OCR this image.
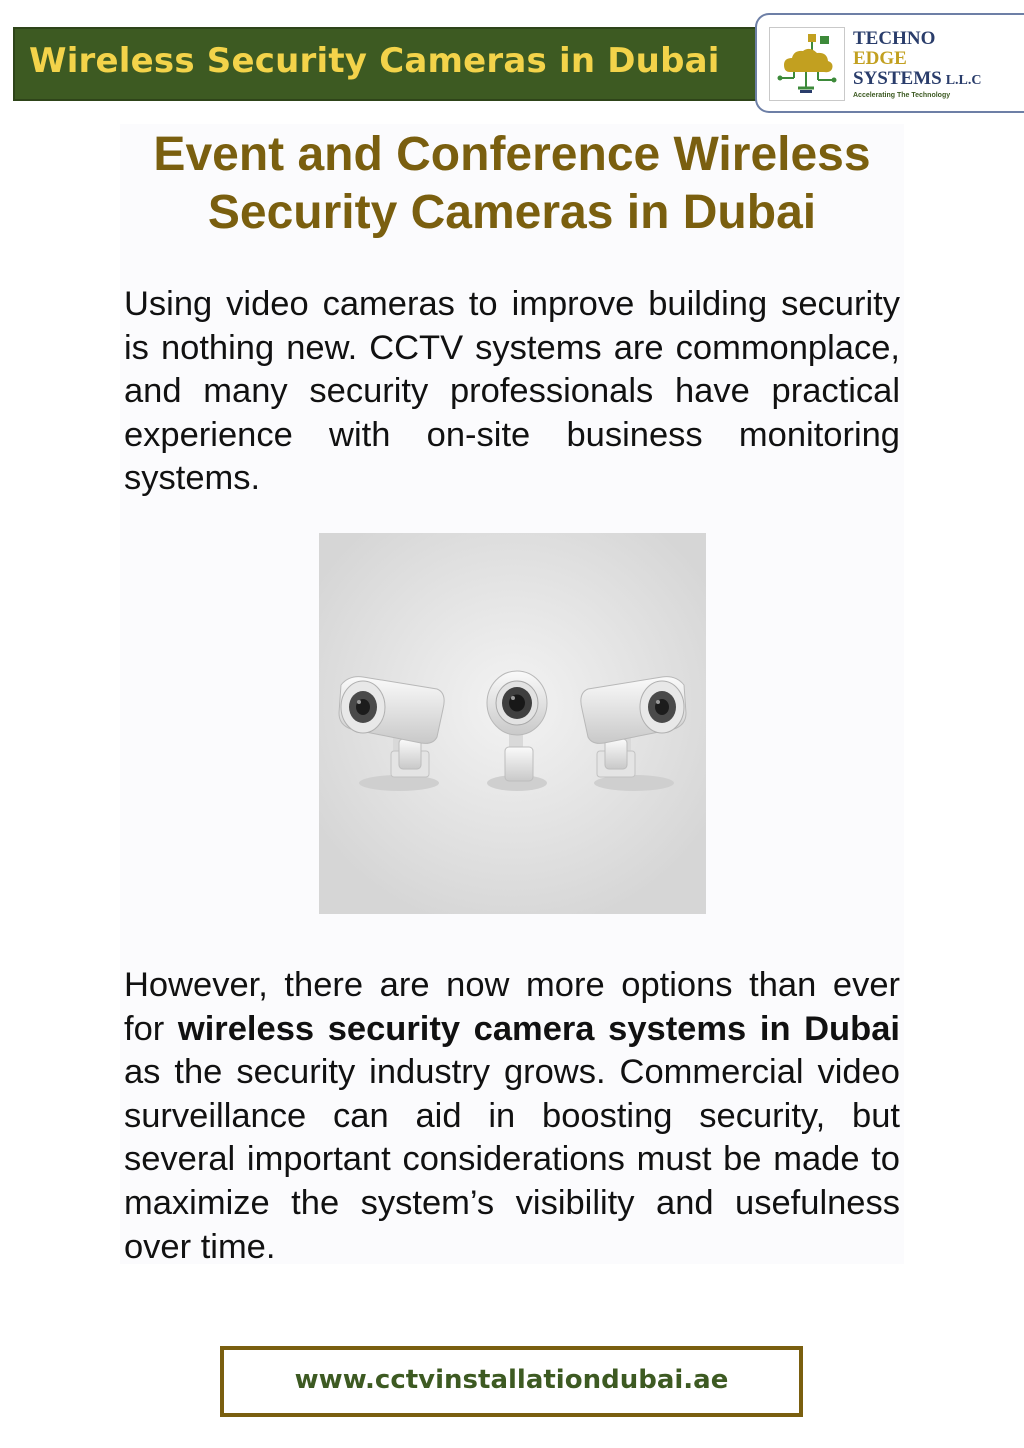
Wireless Security Cameras in Dubai
TECHNO
EDGE
SYSTEMS L.L.C
Accelerating The Technology
Event and Conference Wireless
Security Cameras in Dubai

Using video cameras to improve building security is nothing new. CCTV systems are commonplace, and many security professionals have practical experience with on-site business monitoring systems.

However, there are now more options than ever for wireless security camera systems in Dubai as the security industry grows. Commercial video surveillance can aid in boosting security, but several important considerations must be made to maximize the system’s visibility and usefulness over time.

www.cctvinstallationdubai.ae
